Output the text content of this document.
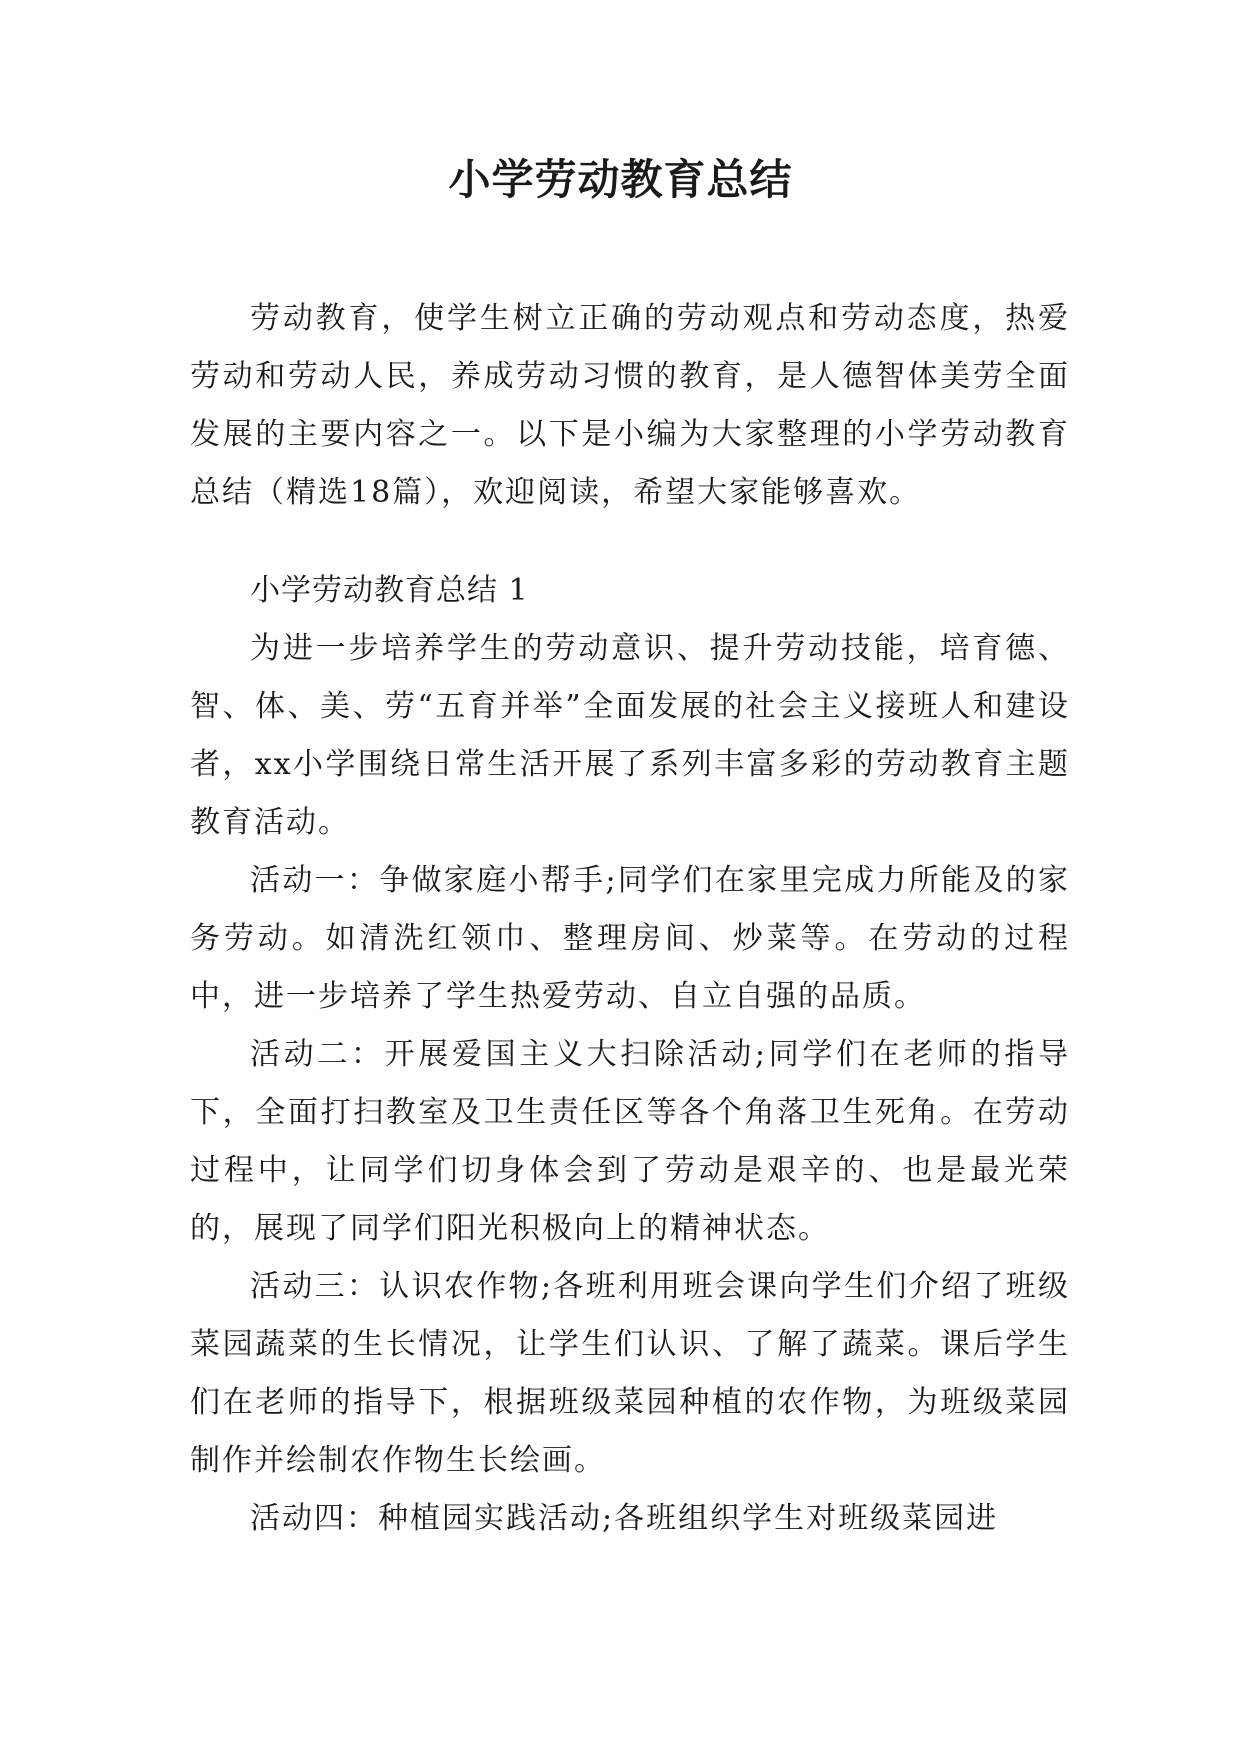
小学劳动教育总结

劳动教育，使学生树立正确的劳动观点和劳动态度，热爱劳动和劳动人民，养成劳动习惯的教育，是人德智体美劳全面发展的主要内容之一。以下是小编为大家整理的小学劳动教育总结（精选18篇），欢迎阅读，希望大家能够喜欢。

小学劳动教育总结 1

为进一步培养学生的劳动意识、提升劳动技能，培育德、智、体、美、劳“五育并举”全面发展的社会主义接班人和建设者，xx小学围绕日常生活开展了系列丰富多彩的劳动教育主题教育活动。

活动一：争做家庭小帮手;同学们在家里完成力所能及的家务劳动。如清洗红领巾、整理房间、炒菜等。在劳动的过程中，进一步培养了学生热爱劳动、自立自强的品质。

活动二：开展爱国主义大扫除活动;同学们在老师的指导下，全面打扫教室及卫生责任区等各个角落卫生死角。在劳动过程中，让同学们切身体会到了劳动是艰辛的、也是最光荣的，展现了同学们阳光积极向上的精神状态。

活动三：认识农作物;各班利用班会课向学生们介绍了班级菜园蔬菜的生长情况，让学生们认识、了解了蔬菜。课后学生们在老师的指导下，根据班级菜园种植的农作物，为班级菜园制作并绘制农作物生长绘画。

活动四：种植园实践活动;各班组织学生对班级菜园进
